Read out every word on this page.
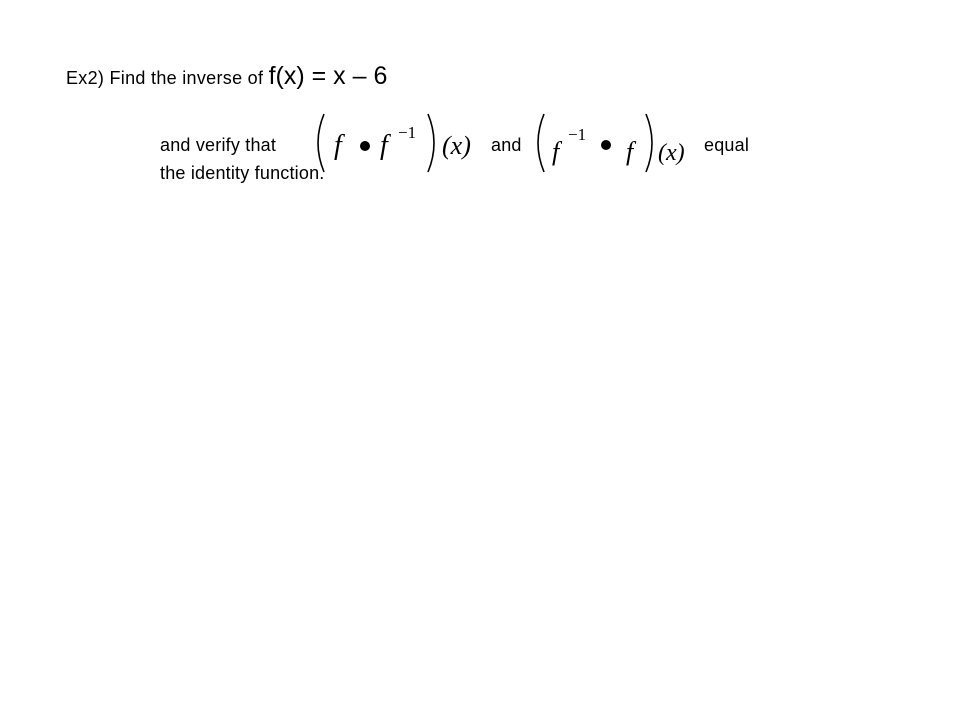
Ex2) Find the inverse of f(x) = x – 6
and verify that f f −1 (x) and f
−1
f (x) equal
the identity function.
